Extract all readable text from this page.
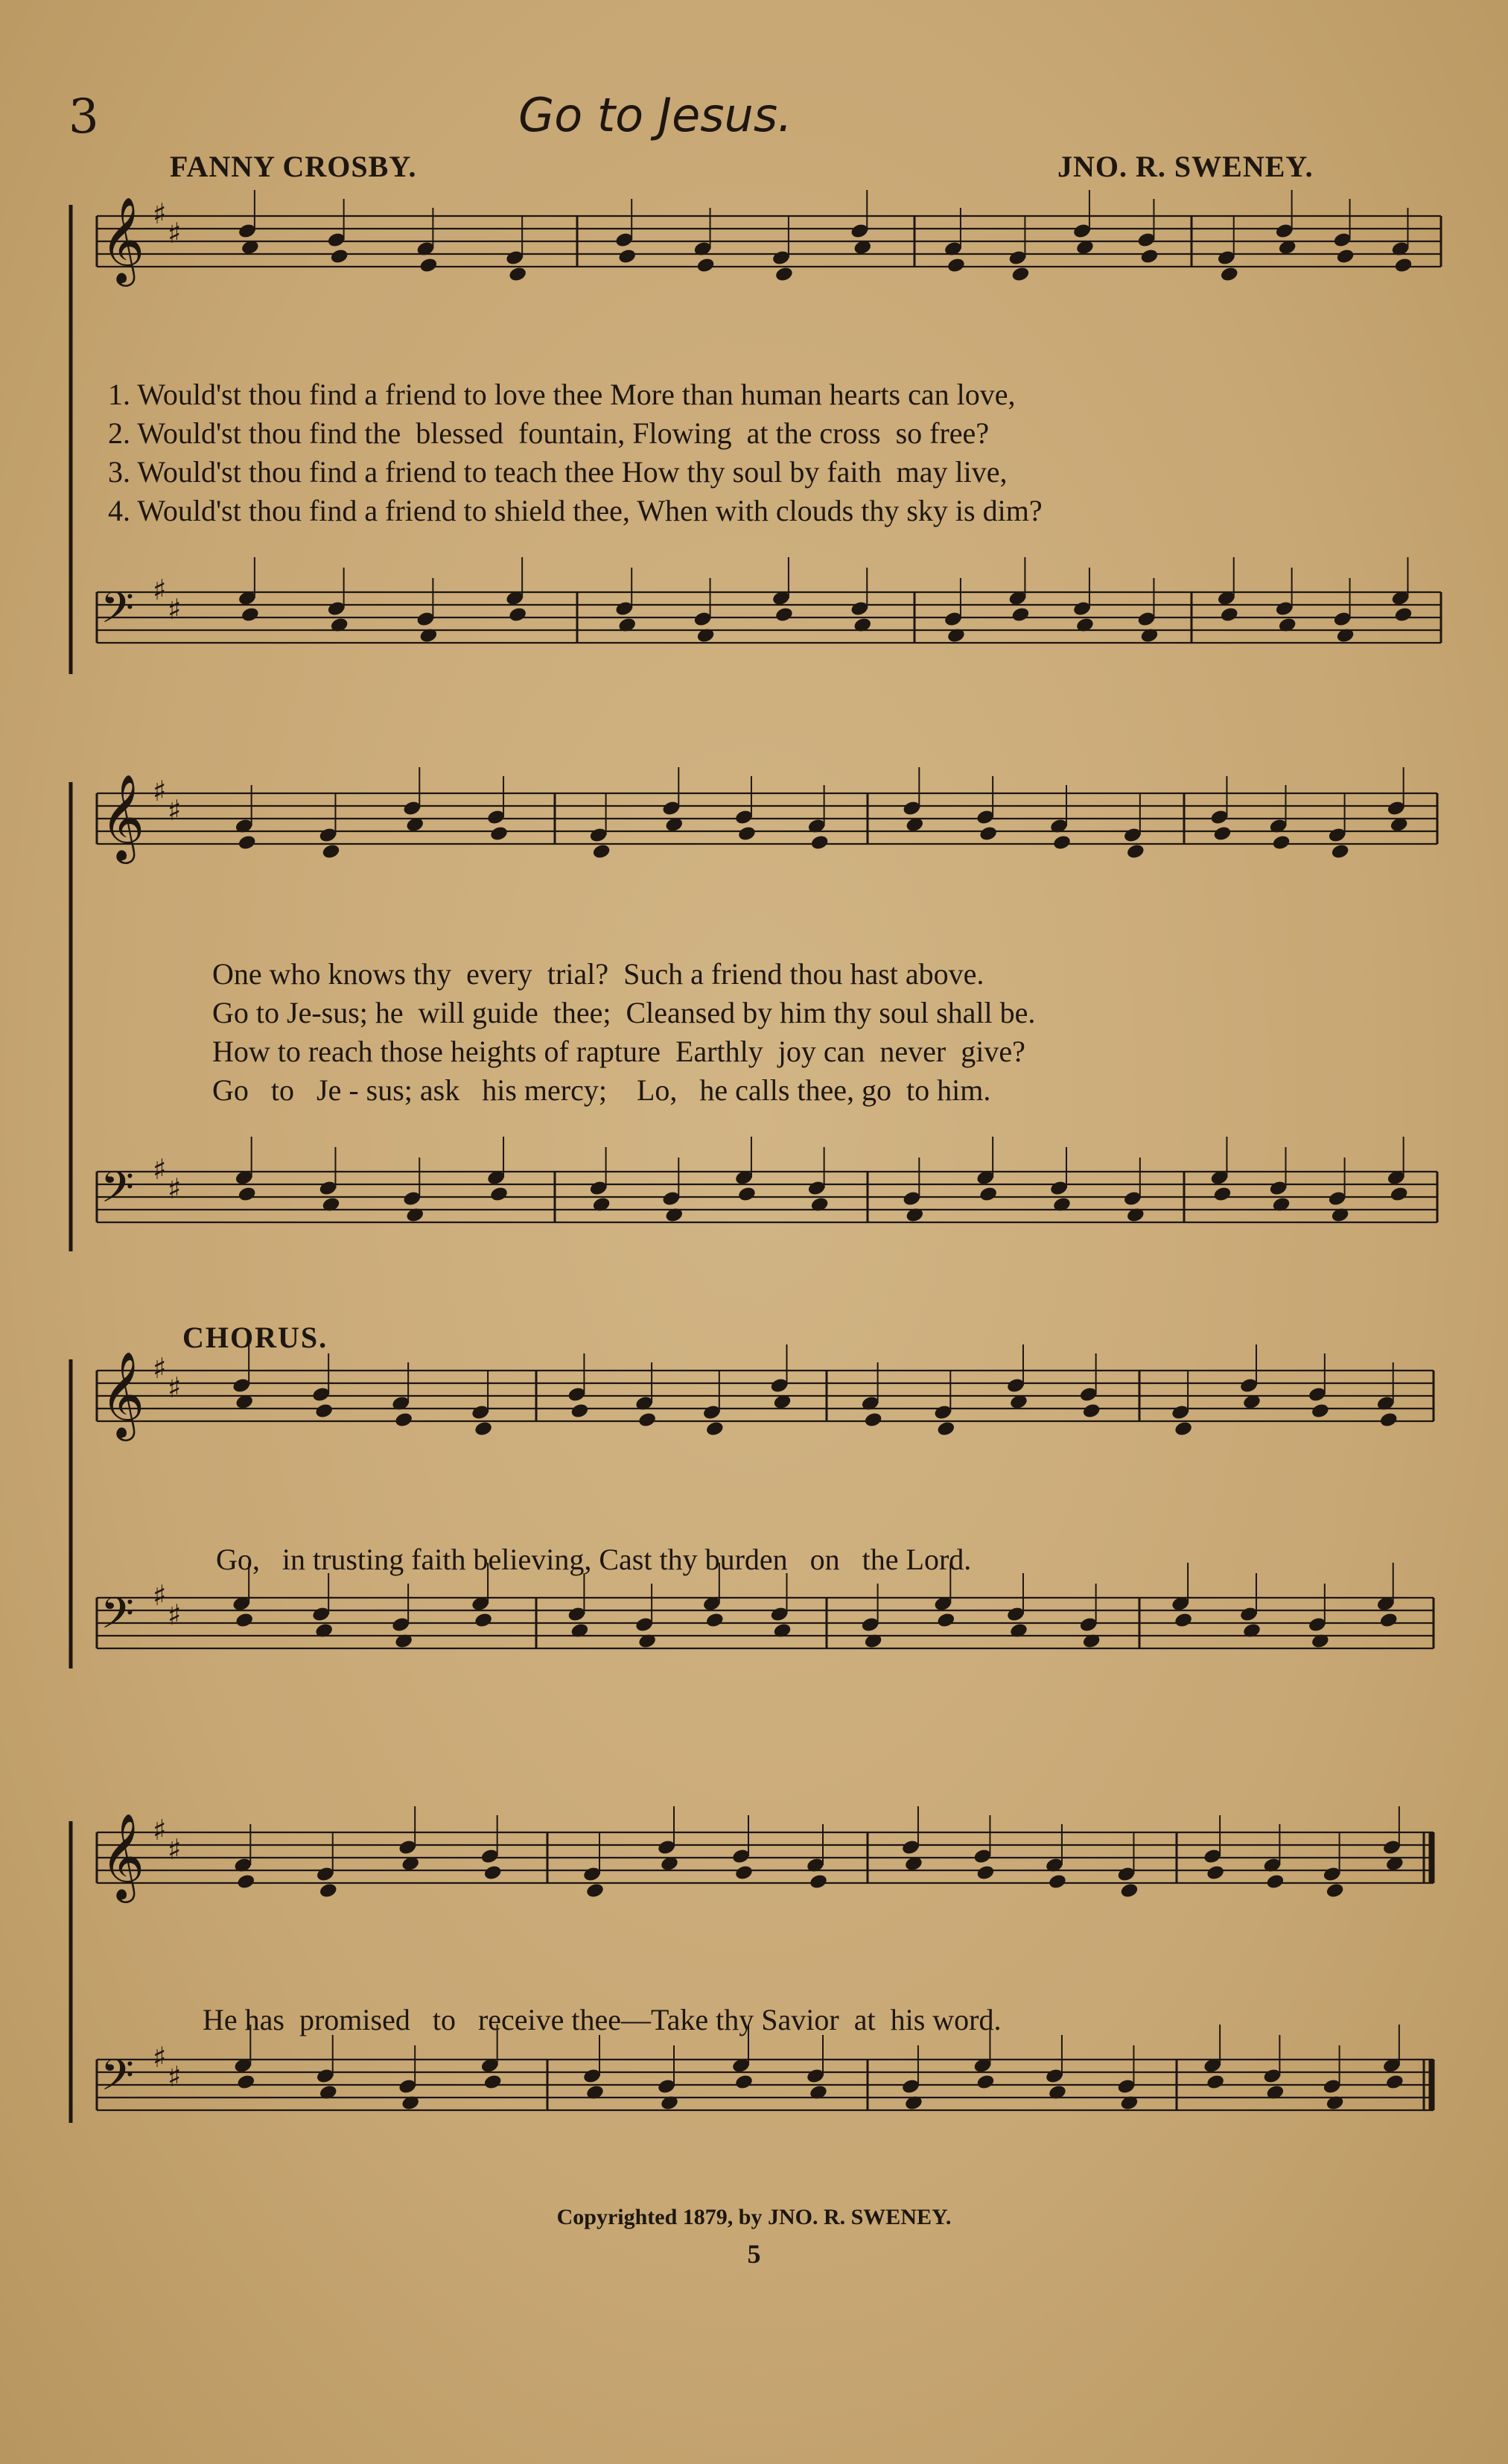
𝄞 ♯
♯
𝄢 ♯
♯
𝄞 ♯
♯
𝄢 ♯
♯
𝄞 ♯
♯
𝄢 ♯
♯
𝄞 ♯
♯
𝄢 ♯
♯
3	Go to Jesus.
FANNY CROSBY.	JNO. R. SWENEY.
1. Would'st thou find a friend to love thee More than human hearts can love,
2. Would'st thou find the  blessed  fountain, Flowing  at the cross  so free?
3. Would'st thou find a friend to teach thee How thy soul by faith  may live,
4. Would'st thou find a friend to shield thee, When with clouds thy sky is dim?
One who knows thy  every  trial?  Such a friend thou hast above.
Go to Je-sus; he  will guide  thee;  Cleansed by him thy soul shall be.
How to reach those heights of rapture  Earthly  joy can  never  give?
Go   to   Je - sus; ask   his mercy;    Lo,   he calls thee, go  to him.
CHORUS.
Go,   in trusting faith believing, Cast thy burden   on   the Lord.
He has  promised   to   receive thee—Take thy Savior  at  his word.
Copyrighted 1879, by JNO. R. SWENEY.
5
